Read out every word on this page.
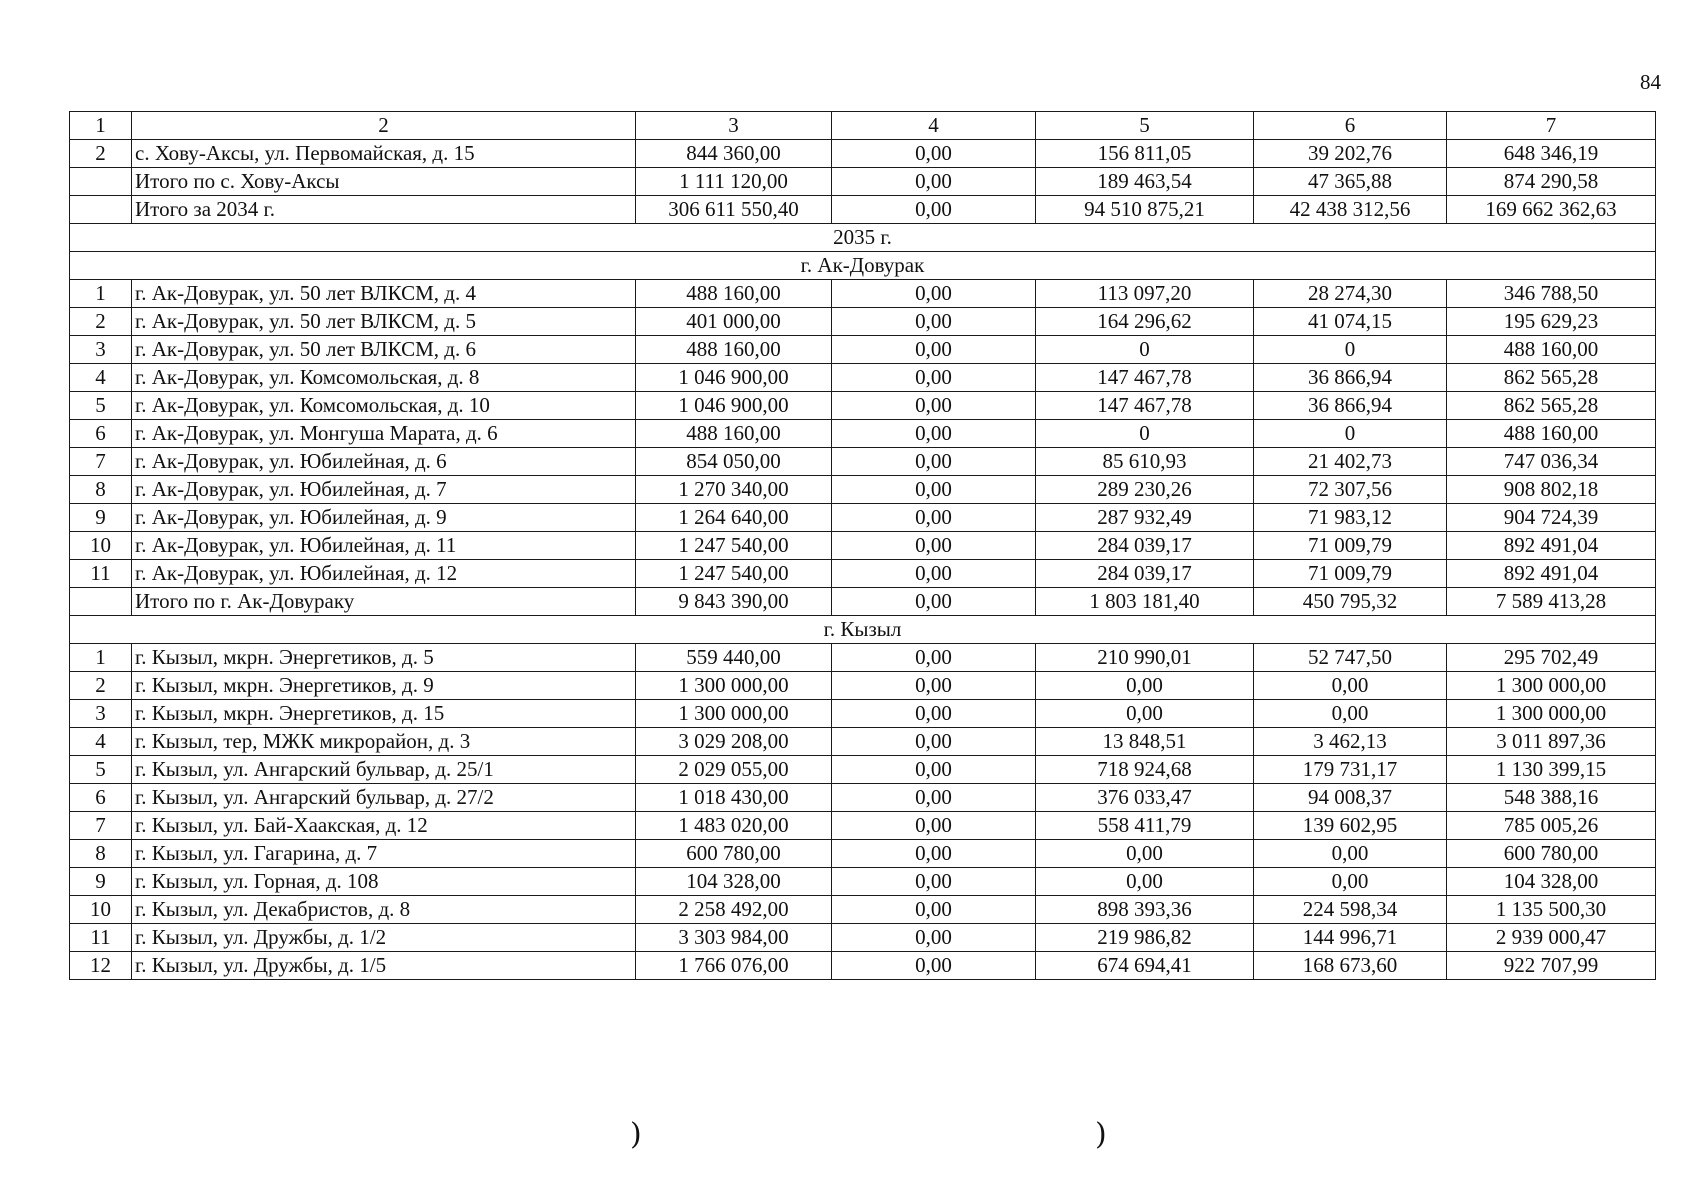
84
1	2	3	4	5	6	7
2	с. Хову-Аксы, ул. Первомайская, д. 15	844 360,00	0,00	156 811,05	39 202,76	648 346,19
	Итого по с. Хову-Аксы	1 111 120,00	0,00	189 463,54	47 365,88	874 290,58
	Итого за 2034 г.	306 611 550,40	0,00	94 510 875,21	42 438 312,56	169 662 362,63
2035 г.						
г. Ак-Довурак						
1	г. Ак-Довурак, ул. 50 лет ВЛКСМ, д. 4	488 160,00	0,00	113 097,20	28 274,30	346 788,50
2	г. Ак-Довурак, ул. 50 лет ВЛКСМ, д. 5	401 000,00	0,00	164 296,62	41 074,15	195 629,23
3	г. Ак-Довурак, ул. 50 лет ВЛКСМ, д. 6	488 160,00	0,00	0	0	488 160,00
4	г. Ак-Довурак, ул. Комсомольская, д. 8	1 046 900,00	0,00	147 467,78	36 866,94	862 565,28
5	г. Ак-Довурак, ул. Комсомольская, д. 10	1 046 900,00	0,00	147 467,78	36 866,94	862 565,28
6	г. Ак-Довурак, ул. Монгуша Марата, д. 6	488 160,00	0,00	0	0	488 160,00
7	г. Ак-Довурак, ул. Юбилейная, д. 6	854 050,00	0,00	85 610,93	21 402,73	747 036,34
8	г. Ак-Довурак, ул. Юбилейная, д. 7	1 270 340,00	0,00	289 230,26	72 307,56	908 802,18
9	г. Ак-Довурак, ул. Юбилейная, д. 9	1 264 640,00	0,00	287 932,49	71 983,12	904 724,39
10	г. Ак-Довурак, ул. Юбилейная, д. 11	1 247 540,00	0,00	284 039,17	71 009,79	892 491,04
11	г. Ак-Довурак, ул. Юбилейная, д. 12	1 247 540,00	0,00	284 039,17	71 009,79	892 491,04
	Итого по г. Ак-Довураку	9 843 390,00	0,00	1 803 181,40	450 795,32	7 589 413,28
г. Кызыл						
1	г. Кызыл, мкрн. Энергетиков, д. 5	559 440,00	0,00	210 990,01	52 747,50	295 702,49
2	г. Кызыл, мкрн. Энергетиков, д. 9	1 300 000,00	0,00	0,00	0,00	1 300 000,00
3	г. Кызыл, мкрн. Энергетиков, д. 15	1 300 000,00	0,00	0,00	0,00	1 300 000,00
4	г. Кызыл, тер, МЖК микрорайон, д. 3	3 029 208,00	0,00	13 848,51	3 462,13	3 011 897,36
5	г. Кызыл, ул. Ангарский бульвар, д. 25/1	2 029 055,00	0,00	718 924,68	179 731,17	1 130 399,15
6	г. Кызыл, ул. Ангарский бульвар, д. 27/2	1 018 430,00	0,00	376 033,47	94 008,37	548 388,16
7	г. Кызыл, ул. Бай-Хаакская, д. 12	1 483 020,00	0,00	558 411,79	139 602,95	785 005,26
8	г. Кызыл, ул. Гагарина, д. 7	600 780,00	0,00	0,00	0,00	600 780,00
9	г. Кызыл, ул. Горная, д. 108	104 328,00	0,00	0,00	0,00	104 328,00
10	г. Кызыл, ул. Декабристов, д. 8	2 258 492,00	0,00	898 393,36	224 598,34	1 135 500,30
11	г. Кызыл, ул. Дружбы, д. 1/2	3 303 984,00	0,00	219 986,82	144 996,71	2 939 000,47
12	г. Кызыл, ул. Дружбы, д. 1/5	1 766 076,00	0,00	674 694,41	168 673,60	922 707,99
)	)
